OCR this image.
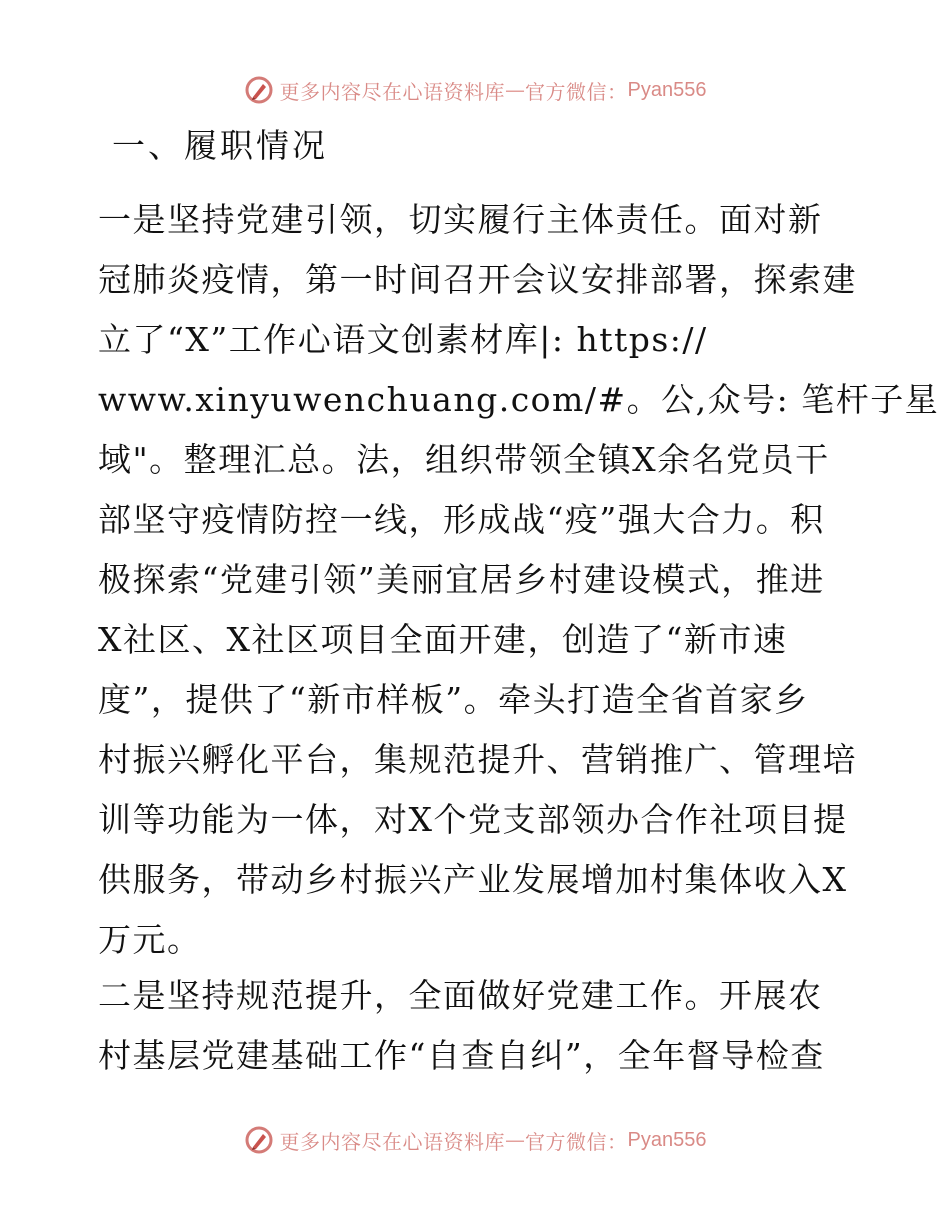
更多内容尽在心语资料库 — 官方微信： Pyan556
一、履职情况
一是坚持党建引领，切实履行主体责任。面对新
冠肺炎疫情，第一时间召开会议安排部署，探索建
立了“X”工作心语文创素材库|: https://
www.xinyuwenchuang.com/#。公,众号: 笔杆子星
域"。整理汇总。法，组织带领全镇X余名党员干
部坚守疫情防控一线，形成战“疫”强大合力。积
极探索“党建引领”美丽宜居乡村建设模式，推进
X社区、X社区项目全面开建，创造了“新市速
度”，提供了“新市样板”。牵头打造全省首家乡
村振兴孵化平台，集规范提升、营销推广、管理培
训等功能为一体，对X个党支部领办合作社项目提
供服务，带动乡村振兴产业发展增加村集体收入X
万元。
二是坚持规范提升，全面做好党建工作。开展农
村基层党建基础工作“自查自纠”，全年督导检查
更多内容尽在心语资料库 — 官方微信： Pyan556
